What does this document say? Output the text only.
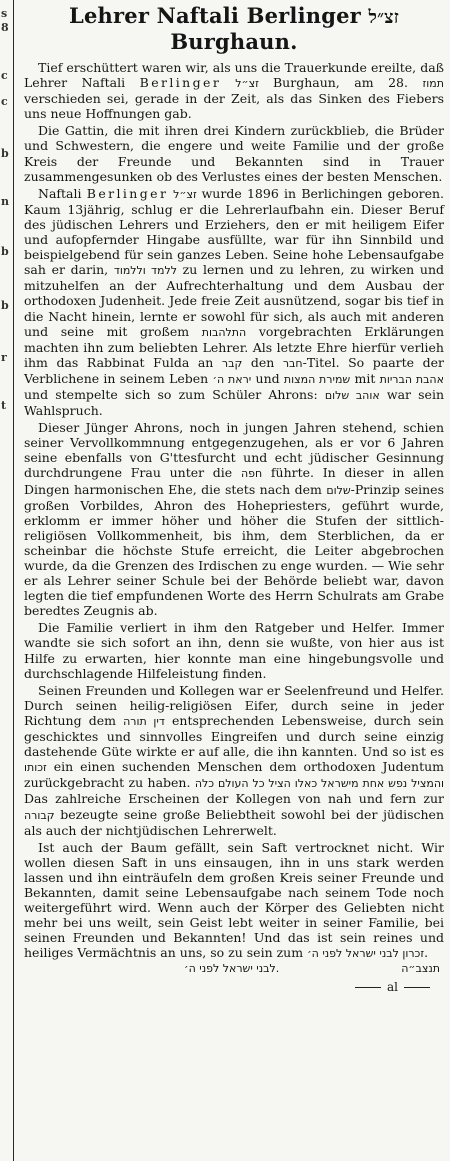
s
8
c
c
b
n
b
b
r
t
Lehrer Naftali Berlinger זצ״ל
Burghaun.

Tief erschüttert waren wir, als uns die Trauerkunde ereilte, daß Lehrer Naftali Berlinger זצ״ל Burghaun, am 28. תמוז verschieden sei, gerade in der Zeit, als das Sinken des Fiebers uns neue Hoffnungen gab.

Die Gattin, die mit ihren drei Kindern zurückblieb, die Brüder und Schwestern, die engere und weite Familie und der große Kreis der Freunde und Bekannten sind in Trauer zusammengesunken ob des Verlustes eines der besten Menschen.

Naftali Berlinger זצ״ל wurde 1896 in Berlichingen geboren. Kaum 13jährig, schlug er die Lehrerlaufbahn ein. Dieser Beruf des jüdischen Lehrers und Erziehers, den er mit heiligem Eifer und aufopfernder Hingabe ausfüllte, war für ihn Sinnbild und beispielgebend für sein ganzes Leben. Seine hohe Lebensaufgabe sah er darin, ללמד וללמוד zu lernen und zu lehren, zu wirken und mitzuhelfen an der Aufrechterhaltung und dem Ausbau der orthodoxen Judenheit. Jede freie Zeit ausnützend, sogar bis tief in die Nacht hinein, lernte er sowohl für sich, als auch mit anderen und seine mit großem התלהבות vorgebrachten Erklärungen machten ihn zum beliebten Lehrer. Als letzte Ehre hierfür verlieh ihm das Rabbinat Fulda an קבר den חבר-Titel. So paarte der Verblichene in seinem Leben יראת ה׳ und שמירת המצות mit אהבת הבריות und stempelte sich so zum Schüler Ahrons: אוהב שלום war sein Wahlspruch.

Dieser Jünger Ahrons, noch in jungen Jahren stehend, schien seiner Vervollkommnung entgegenzugehen, als er vor 6 Jahren seine ebenfalls von G'ttesfurcht und echt jüdischer Gesinnung durchdrungene Frau unter die חפה führte. In dieser in allen Dingen harmonischen Ehe, die stets nach dem שלום-Prinzip seines großen Vorbildes, Ahron des Hohepriesters, geführt wurde, erklomm er immer höher und höher die Stufen der sittlich-religiösen Vollkommenheit, bis ihm, dem Sterblichen, da er scheinbar die höchste Stufe erreicht, die Leiter abgebrochen wurde, da die Grenzen des Irdischen zu enge wurden. — Wie sehr er als Lehrer seiner Schule bei der Behörde beliebt war, davon legten die tief empfundenen Worte des Herrn Schulrats am Grabe beredtes Zeugnis ab.

Die Familie verliert in ihm den Ratgeber und Helfer. Immer wandte sie sich sofort an ihn, denn sie wußte, von hier aus ist Hilfe zu erwarten, hier konnte man eine hingebungsvolle und durchschlagende Hilfeleistung finden.

Seinen Freunden und Kollegen war er Seelenfreund und Helfer. Durch seinen heilig-religiösen Eifer, durch seine in jeder Richtung dem דין תורה entsprechenden Lebensweise, durch sein geschicktes und sinnvolles Eingreifen und durch seine einzig dastehende Güte wirkte er auf alle, die ihn kannten. Und so ist es זכותו ein einen suchenden Menschen dem orthodoxen Judentum zurückgebracht zu haben. והמציל נפש אחת מישראל כאלו הציל כל העולם כלה Das zahlreiche Erscheinen der Kollegen von nah und fern zur קבורה bezeugte seine große Beliebtheit sowohl bei der jüdischen als auch der nichtjüdischen Lehrerwelt.

Ist auch der Baum gefällt, sein Saft vertrocknet nicht. Wir wollen diesen Saft in uns einsaugen, ihn in uns stark werden lassen und ihn einträufeln dem großen Kreis seiner Freunde und Bekannten, damit seine Lebensaufgabe nach seinem Tode noch weitergeführt wird. Wenn auch der Körper des Geliebten nicht mehr bei uns weilt, sein Geist lebt weiter in seiner Familie, bei seinen Freunden und Bekannten! Und das ist sein reines und heiliges Vermächtnis an uns, so zu sein zum זכרון לבני ישראל לפני ה׳.

לבני ישראל לפני ה׳.	תנצב״ה
al
